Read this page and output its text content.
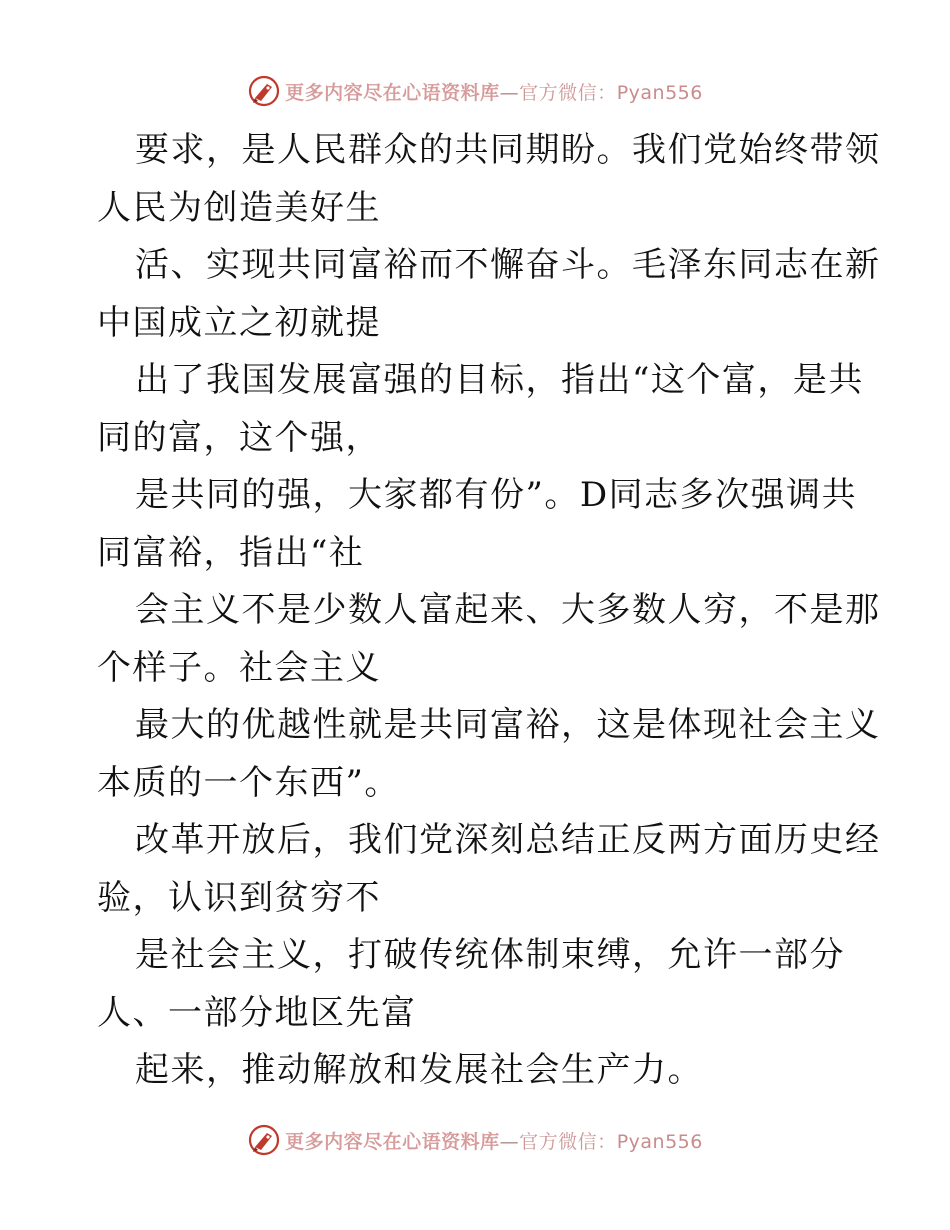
更多内容尽在心语资料库—官方微信：Pyan556
要求，是人民群众的共同期盼。我们党始终带领
人民为创造美好生
活、实现共同富裕而不懈奋斗。毛泽东同志在新
中国成立之初就提
出了我国发展富强的目标，指出“这个富，是共
同的富，这个强，
是共同的强，大家都有份”。D同志多次强调共
同富裕，指出“社
会主义不是少数人富起来、大多数人穷，不是那
个样子。社会主义
最大的优越性就是共同富裕，这是体现社会主义
本质的一个东西”。
改革开放后，我们党深刻总结正反两方面历史经
验，认识到贫穷不
是社会主义，打破传统体制束缚，允许一部分
人、一部分地区先富
起来，推动解放和发展社会生产力。
更多内容尽在心语资料库—官方微信：Pyan556
